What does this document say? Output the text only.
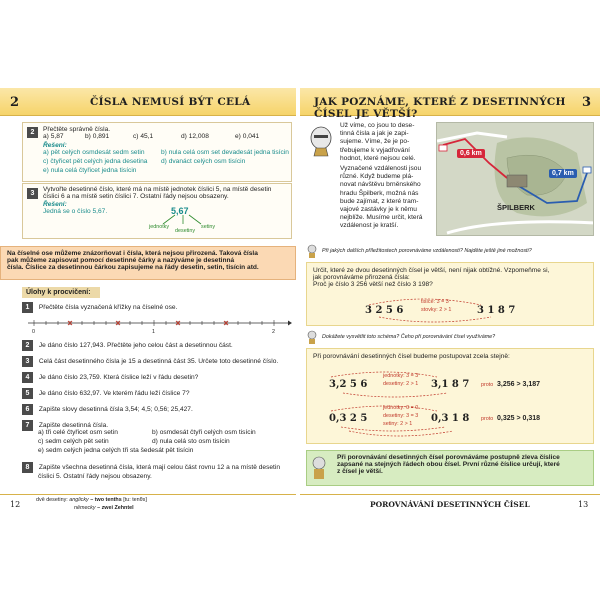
2	ČÍSLA NEMUSÍ BÝT CELÁ
2	Přečtěte správně čísla.
a) 5,87	b) 0,891	c) 45,1	d) 12,008	e) 0,041
Řešení:
a) pět celých osmdesát sedm setin b) nula celá osm set devadesát jedna tisícin
c) čtyřicet pět celých jedna desetina d) dvanáct celých osm tisícin
e) nula celá čtyřicet jedna tisícin
3
Vytvořte desetinné číslo, které má na místě jednotek číslici 5, na místě desetin
číslici 6 a na místě setin číslici 7. Ostatní řády nejsou obsazeny.
Řešení:
Jedná se o číslo 5,67.	5,67
jednotky
desetiny
setiny
Na číselné ose můžeme znázorňovat i čísla, která nejsou přirozená. Taková čísla
pak můžeme zapisovat pomocí desetinné čárky a nazýváme je desetinná
čísla. Číslice za desetinnou čárkou zapisujeme na řády desetin, setin, tisícin atd.
Úlohy k procvičení:
1 Přečtěte čísla vyznačená křížky na číselné ose.
0	1	2
2 Je dáno číslo 127,943. Přečtěte jeho celou část a desetinnou část.
3 Celá část desetinného čísla je 15 a desetinná část 35. Určete toto desetinné číslo.
4 Je dáno číslo 23,759. Která číslice leží v řádu desetin?
5 Je dáno číslo 632,97. Ve kterém řádu leží číslice 7?
6 Zapište slovy desetinná čísla 3,54; 4,5; 0,56; 25,427.
7 Zapište desetinná čísla.
a) tři celé čtyřicet osm setin	b) osmdesát čtyři celých osm tisícin
c) sedm celých pět setin	d) nula celá sto osm tisícin
e) sedm celých jedna celých tři sta šedesát pět tisícin
8 Zapište všechna desetinná čísla, která mají celou část rovnu 12 a na místě desetin
číslici 5. Ostatní řády nejsou obsazeny.
12	dvě desetiny: anglicky – two tenths [tu: tenθs]
německy – zwei Zehntel
JAK POZNÁME, KTERÉ Z DESETINNÝCH ČÍSEL JE VĚTŠÍ?
3
Už víme, co jsou to dese-
tinná čísla a jak je zapi-
sujeme. Víme, že je po-
třebujeme k vyjadřování
hodnot, které nejsou celé.
Vyznačené vzdálenosti jsou
různé. Když budeme plá-
novat návštěvu brněnského
hradu Špilberk, možná nás
bude zajímat, z které tram-
vajové zastávky je k němu
nejblíže. Musíme určit, která
vzdálenost je kratší.
0,6 km
0,7 km
ŠPILBERK
Při jakých dalších příležitostech porovnáváme vzdálenosti? Najděte ještě jiné možnosti?
Určit, které ze dvou desetinných čísel je větší, není nijak obtížné. Vzpomeňme si,
jak porovnáváme přirozená čísla:
Proč je číslo 3 256 větší než číslo 3 198?
3 2 5 6	3 1 8 7
tisíce: 3 = 3
stovky: 2 > 1
Dokážete vysvětlit toto schéma? Čeho při porovnávání čísel využíváme?
Při porovnávání desetinných čísel budeme postupovat zcela stejně:
3,2 5 6	3,1 8 7
jednotky: 3 = 3
desetiny: 2 > 1	proto 3,256 > 3,187
0,3 2 5	0,3 1 8
jednotky: 0 = 0
desetiny: 3 = 3
setiny: 2 > 1
proto 0,325 > 0,318
Při porovnávání desetinných čísel porovnáváme postupně zleva číslice
zapsané na stejných řádech obou čísel. První různé číslice určují, které
z čísel je větší.
POROVNÁVÁNÍ DESETINNÝCH ČÍSEL	13
